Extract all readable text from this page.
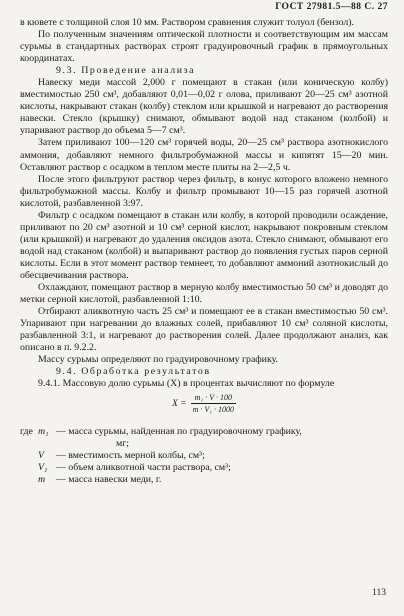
ГОСТ 27981.5—88 С. 27

в кювете с толщиной слоя 10 мм. Раствором сравнения служит толуол (бензол).

По полученным значениям оптической плотности и соответствующим им массам сурьмы в стандартных растворах строят градуировочный график в прямоугольных координатах.

9.3. Проведение анализа

Навеску меди массой 2,000 г помещают в стакан (или коническую колбу) вместимостью 250 см³, добавляют 0,01—0,02 г олова, приливают 20—25 см³ азотной кислоты, накрывают стакан (колбу) стеклом или крышкой и нагревают до растворения навески. Стекло (крышку) снимают, обмывают водой над стаканом (колбой) и упаривают раствор до объема 5—7 см³.

Затем приливают 100—120 см³ горячей воды, 20—25 см³ раствора азотнокислого аммония, добавляют немного фильтробумажной массы и кипятят 15—20 мин. Оставляют раствор с осадком в теплом месте плиты на 2—2,5 ч.

После этого фильтруют раствор через фильтр, в конус которого вложено немного фильтробумажной массы. Колбу и фильтр промывают 10—15 раз горячей азотной кислотой, разбавленной 3:97.

Фильтр с осадком помещают в стакан или колбу, в которой проводили осаждение, приливают по 20 см³ азотной и 10 см³ серной кислот, накрывают покровным стеклом (или крышкой) и нагревают до удаления оксидов азота. Стекло снимают, обмывают его водой над стаканом (колбой) и выпаривают раствор до появления густых паров серной кислоты. Если в этот момент раствор темнеет, то добавляют аммоний азотнокислый до обесцвечивания раствора.

Охлаждают, помещают раствор в мерную колбу вместимостью 50 см³ и доводят до метки серной кислотой, разбавленной 1:10.

Отбирают аликвотную часть 25 см³ и помещают ее в стакан вместимостью 50 см³. Упаривают при нагревании до влажных солей, прибавляют 10 см³ соляной кислоты, разбавленной 3:1, и нагревают до растворения солей. Далее продолжают анализ, как описано в п. 9.2.2.

Массу сурьмы определяют по градуировочному графику.

9.4. Обработка результатов

9.4.1. Массовую долю сурьмы (X) в процентах вычисляют по формуле

$X = \frac{\text{m₁ · V · 100}}{\text{m · V₁ · 1000}}$
где m₁ — масса сурьмы, найденная по градуировочному графику,
мг;
V	— вместимость мерной колбы, см³;
V₁ — объем аликвотной части раствора, см³;
m	— масса навески меди, г.
113
